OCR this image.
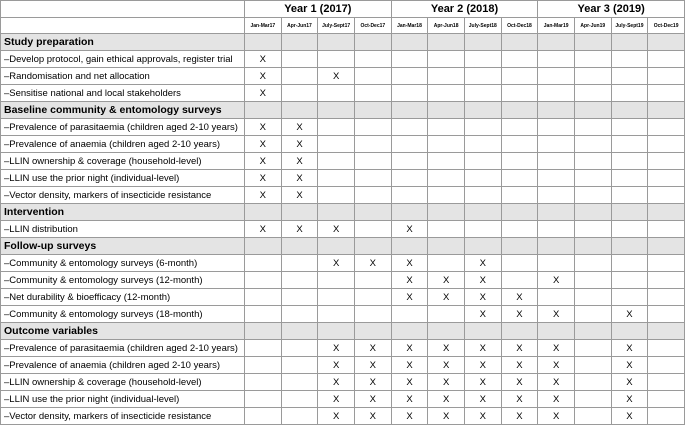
	Year 1 (2017)				Year 2 (2018)				Year 3 (2019)			
	Jan-Mar17	Apr-Jun17	July-Sept17	Oct-Dec17	Jan-Mar18	Apr-Jun18	July-Sept18	Oct-Dec18	Jan-Mar19	Apr-Jun19	July-Sept19	Oct-Dec19
Study preparation												
–Develop protocol, gain ethical approvals, register trial	X											
–Randomisation and net allocation	X		X									
–Sensitise national and local stakeholders	X											
Baseline community & entomology surveys												
–Prevalence of parasitaemia (children aged 2-10 years)	X	X										
–Prevalence of anaemia (children aged 2-10 years)	X	X										
–LLIN ownership & coverage (household-level)	X	X										
–LLIN use the prior night (individual-level)	X	X										
–Vector density, markers of insecticide resistance	X	X										
Intervention												
–LLIN distribution	X	X	X		X							
Follow-up surveys												
–Community & entomology surveys (6-month)			X	X	X		X					
–Community & entomology surveys (12-month)					X	X	X		X			
–Net durability & bioefficacy (12-month)					X	X	X	X				
–Community & entomology surveys (18-month)							X	X	X		X	
Outcome variables												
–Prevalence of parasitaemia (children aged 2-10 years)			X	X	X	X	X	X	X		X	
–Prevalence of anaemia (children aged 2-10 years)			X	X	X	X	X	X	X		X	
–LLIN ownership & coverage (household-level)			X	X	X	X	X	X	X		X	
–LLIN use the prior night (individual-level)			X	X	X	X	X	X	X		X	
–Vector density, markers of insecticide resistance			X	X	X	X	X	X	X		X	
